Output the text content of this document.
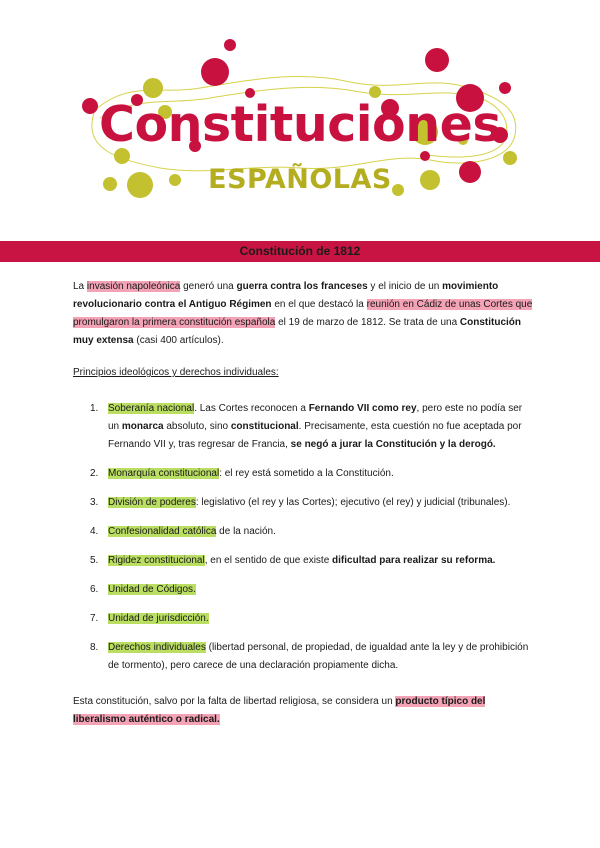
Constituciones
ESPAÑOLAS
Constitución de 1812

La invasión napoleónica generó una guerra contra los franceses y el inicio de un movimiento revolucionario contra el Antiguo Régimen en el que destacó la reunión en Cádiz de unas Cortes que promulgaron la primera constitución española el 19 de marzo de 1812. Se trata de una Constitución muy extensa (casi 400 artículos).

Principios ideológicos y derechos individuales:

1. Soberanía nacional. Las Cortes reconocen a Fernando VII como rey, pero este no podía ser un monarca absoluto, sino constitucional. Precisamente, esta cuestión no fue aceptada por Fernando VII y, tras regresar de Francia, se negó a jurar la Constitución y la derogó.
2. Monarquía constitucional: el rey está sometido a la Constitución.
3. División de poderes: legislativo (el rey y las Cortes); ejecutivo (el rey) y judicial (tribunales).
4. Confesionalidad católica de la nación.
5. Rigidez constitucional, en el sentido de que existe dificultad para realizar su reforma.
6. Unidad de Códigos.
7. Unidad de jurisdicción.
8. Derechos individuales (libertad personal, de propiedad, de igualdad ante la ley y de prohibición de tormento), pero carece de una declaración propiamente dicha.

Esta constitución, salvo por la falta de libertad religiosa, se considera un producto típico del liberalismo auténtico o radical.
